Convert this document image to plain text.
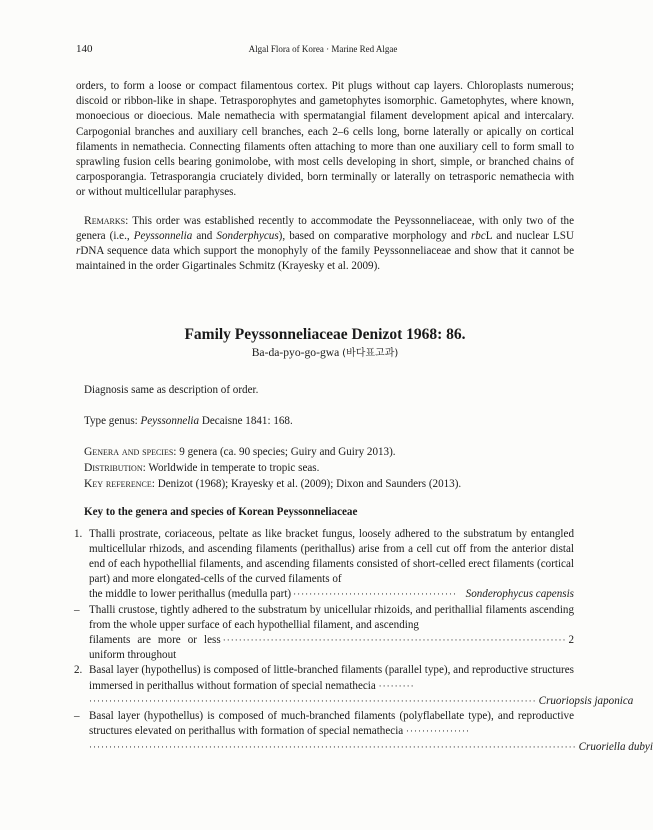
140	Algal Flora of Korea · Marine Red Algae

orders, to form a loose or compact filamentous cortex. Pit plugs without cap layers. Chloroplasts numerous; discoid or ribbon-like in shape. Tetrasporophytes and gametophytes isomorphic. Gametophytes, where known, monoecious or dioecious. Male nemathecia with spermatangial filament development apical and intercalary. Carpogonial branches and auxiliary cell branches, each 2–6 cells long, borne laterally or apically on cortical filaments in nemathecia. Connecting filaments often attaching to more than one auxiliary cell to form small to sprawling fusion cells bearing gonimolobe, with most cells developing in short, simple, or branched chains of carposporangia. Tetrasporangia cruciately divided, born terminally or laterally on tetrasporic nemathecia with or without multicellular paraphyses.

Remarks: This order was established recently to accommodate the Peyssonneliaceae, with only two of the genera (i.e., Peyssonnelia and Sonderphycus), based on comparative morphology and rbcL and nuclear LSU rDNA sequence data which support the monophyly of the family Peyssonneliaceae and show that it cannot be maintained in the order Gigartinales Schmitz (Krayesky et al. 2009).

Family Peyssonneliaceae Denizot 1968: 86.
Ba-da-pyo-go-gwa (바다표고과)

Diagnosis same as description of order.

Type genus: Peyssonnelia Decaisne 1841: 168.

Genera and species: 9 genera (ca. 90 species; Guiry and Guiry 2013).

Distribution: Worldwide in temperate to tropic seas.

Key reference: Denizot (1968); Krayesky et al. (2009); Dixon and Saunders (2013).

Key to the genera and species of Korean Peyssonneliaceae

1. Thalli prostrate, coriaceous, peltate as like bracket fungus, loosely adhered to the substratum by entangled multicellular rhizods, and ascending filaments (perithallus) arise from a cell cut off from the anterior distal end of each hypothellial filaments, and ascending filaments consisted of short-celled erect filaments (cortical part) and more elongated-cells of the curved filaments of
the middle to lower perithallus (medulla part) ········································· Sonderophycus capensis
– Thalli crustose, tightly adhered to the substratum by unicellular rhizoids, and perithallial filaments ascending from the whole upper surface of each hypothellial filament, and ascending
filaments are more or less uniform throughout
······················································································ 2
2. Basal layer (hypothellus) is composed of little-branched filaments (parallel type), and reproductive structures immersed in perithallus without formation of special nemathecia ·········
················································································································ Cruoriopsis japonica
– Basal layer (hypothellus) is composed of much-branched filaments (polyflabellate type), and reproductive structures elevated on perithallus with formation of special nemathecia ················
·························································································································· Cruoriella dubyi
